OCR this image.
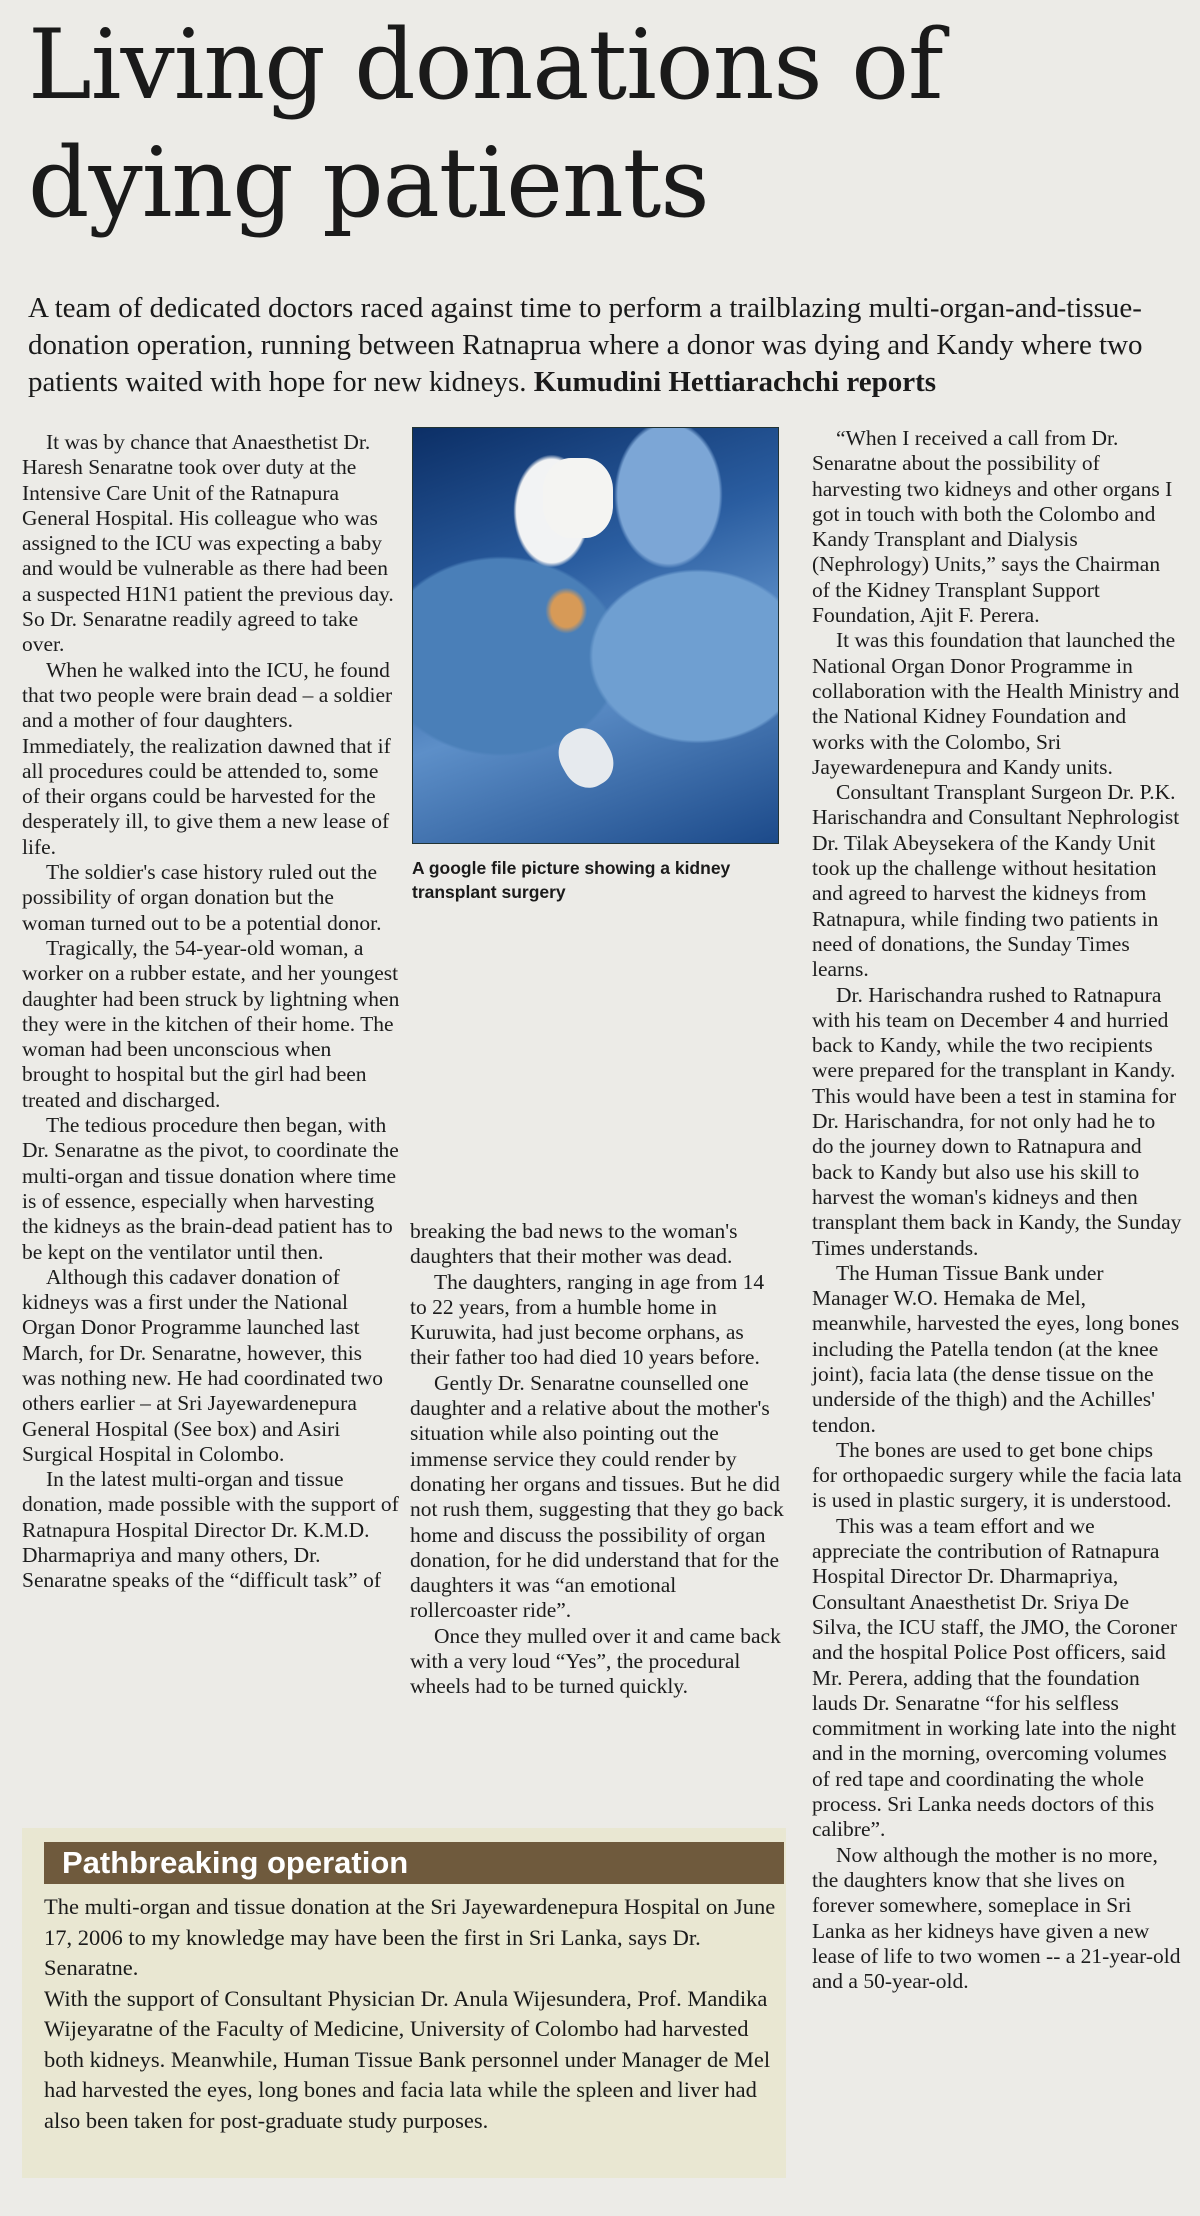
Living donations of
dying patients

A team of dedicated doctors raced against time to perform a trailblazing multi-organ-and-tissue-donation operation, running between Ratnaprua where a donor was dying and Kandy where two patients waited with hope for new kidneys. Kumudini Hettiarachchi reports

It was by chance that Anaesthetist Dr. Haresh Senaratne took over duty at the Intensive Care Unit of the Ratnapura General Hospital. His colleague who was assigned to the ICU was expecting a baby and would be vulnerable as there had been a suspected H1N1 patient the previous day. So Dr. Senaratne readily agreed to take over.

When he walked into the ICU, he found that two people were brain dead – a soldier and a mother of four daughters. Immediately, the realization dawned that if all procedures could be attended to, some of their organs could be harvested for the desperately ill, to give them a new lease of life.

The soldier's case history ruled out the possibility of organ donation but the woman turned out to be a potential donor.

Tragically, the 54-year-old woman, a worker on a rubber estate, and her youngest daughter had been struck by lightning when they were in the kitchen of their home. The woman had been unconscious when brought to hospital but the girl had been treated and discharged.

The tedious procedure then began, with Dr. Senaratne as the pivot, to coordinate the multi-organ and tissue donation where time is of essence, especially when harvesting the kidneys as the brain-dead patient has to be kept on the ventilator until then.

Although this cadaver donation of kidneys was a first under the National Organ Donor Programme launched last March, for Dr. Senaratne, however, this was nothing new. He had coordinated two others earlier – at Sri Jayewardenepura General Hospital (See box) and Asiri Surgical Hospital in Colombo.

In the latest multi-organ and tissue donation, made possible with the support of Ratnapura Hospital Director Dr. K.M.D. Dharmapriya and many others, Dr. Senaratne speaks of the “difficult task” of

A google file picture showing a kidney transplant surgery

breaking the bad news to the woman's daughters that their mother was dead.

The daughters, ranging in age from 14 to 22 years, from a humble home in Kuruwita, had just become orphans, as their father too had died 10 years before.

Gently Dr. Senaratne counselled one daughter and a relative about the mother's situation while also pointing out the immense service they could render by donating her organs and tissues. But he did not rush them, suggesting that they go back home and discuss the possibility of organ donation, for he did understand that for the daughters it was “an emotional rollercoaster ride”.

Once they mulled over it and came back with a very loud “Yes”, the procedural wheels had to be turned quickly.

“When I received a call from Dr. Senaratne about the possibility of harvesting two kidneys and other organs I got in touch with both the Colombo and Kandy Transplant and Dialysis (Nephrology) Units,” says the Chairman of the Kidney Transplant Support Foundation, Ajit F. Perera.

It was this foundation that launched the National Organ Donor Programme in collaboration with the Health Ministry and the National Kidney Foundation and works with the Colombo, Sri Jayewardenepura and Kandy units.

Consultant Transplant Surgeon Dr. P.K. Harischandra and Consultant Nephrologist Dr. Tilak Abeysekera of the Kandy Unit took up the challenge without hesitation and agreed to harvest the kidneys from Ratnapura, while finding two patients in need of donations, the Sunday Times learns.

Dr. Harischandra rushed to Ratnapura with his team on December 4 and hurried back to Kandy, while the two recipients were prepared for the transplant in Kandy. This would have been a test in stamina for Dr. Harischandra, for not only had he to do the journey down to Ratnapura and back to Kandy but also use his skill to harvest the woman's kidneys and then transplant them back in Kandy, the Sunday Times understands.

The Human Tissue Bank under Manager W.O. Hemaka de Mel, meanwhile, harvested the eyes, long bones including the Patella tendon (at the knee joint), facia lata (the dense tissue on the underside of the thigh) and the Achilles' tendon.

The bones are used to get bone chips for orthopaedic surgery while the facia lata is used in plastic surgery, it is understood.

This was a team effort and we appreciate the contribution of Ratnapura Hospital Director Dr. Dharmapriya, Consultant Anaesthetist Dr. Sriya De Silva, the ICU staff, the JMO, the Coroner and the hospital Police Post officers, said Mr. Perera, adding that the foundation lauds Dr. Senaratne “for his selfless commitment in working late into the night and in the morning, overcoming volumes of red tape and coordinating the whole process. Sri Lanka needs doctors of this calibre”.

Now although the mother is no more, the daughters know that she lives on forever somewhere, someplace in Sri Lanka as her kidneys have given a new lease of life to two women -- a 21-year-old and a 50-year-old.

Pathbreaking operation

The multi-organ and tissue donation at the Sri Jayewardenepura Hospital on June 17, 2006 to my knowledge may have been the first in Sri Lanka, says Dr. Senaratne.

With the support of Consultant Physician Dr. Anula Wijesundera, Prof. Mandika Wijeyaratne of the Faculty of Medicine, University of Colombo had harvested both kidneys. Meanwhile, Human Tissue Bank personnel under Manager de Mel had harvested the eyes, long bones and facia lata while the spleen and liver had also been taken for post-graduate study purposes.
